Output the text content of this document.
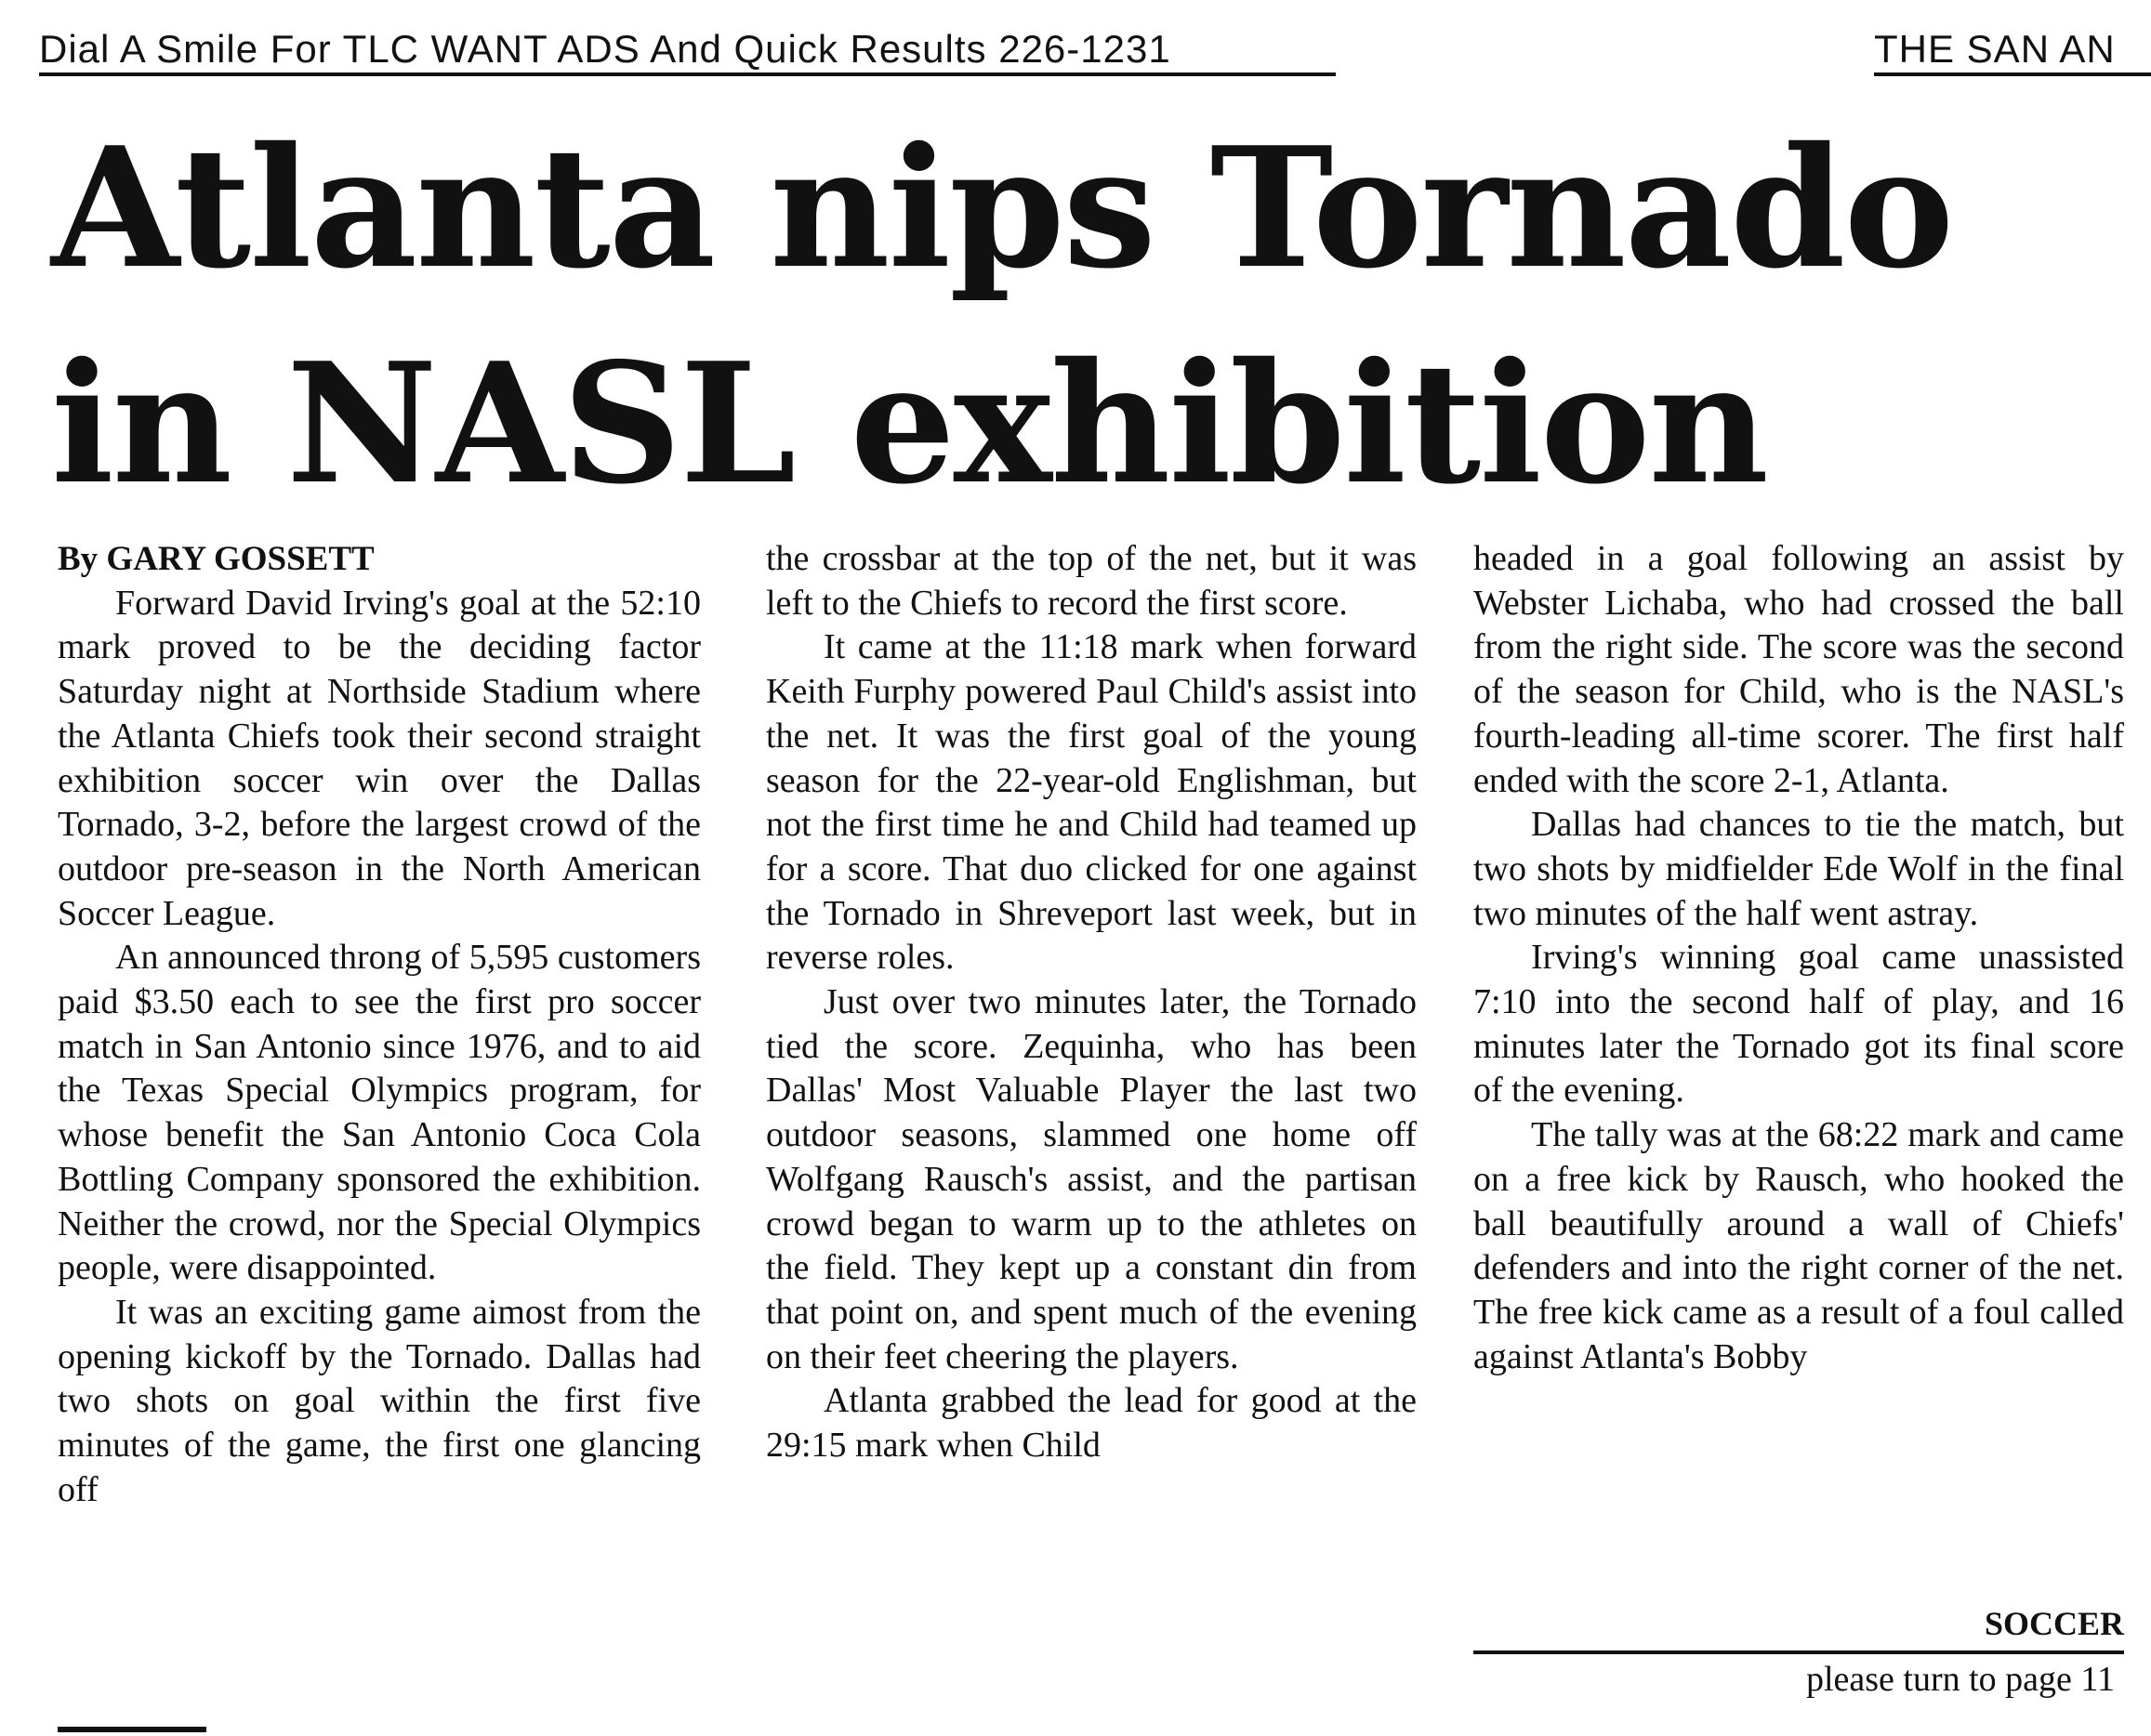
Dial A Smile For TLC WANT ADS And Quick Results 226-1231	THE SAN AN
Atlanta nips Tornado
in NASL exhibition
By GARY GOSSETT

Forward David Irving's goal at the 52:10 mark proved to be the deciding factor Saturday night at Northside Stadium where the Atlanta Chiefs took their second straight exhibition soccer win over the Dallas Tornado, 3-2, before the largest crowd of the outdoor pre-season in the North American Soccer League.

An announced throng of 5,595 customers paid $3.50 each to see the first pro soccer match in San Antonio since 1976, and to aid the Texas Special Olympics program, for whose benefit the San Antonio Coca Cola Bottling Company sponsored the exhibition. Neither the crowd, nor the Special Olympics people, were disappointed.

It was an exciting game aimost from the opening kickoff by the Tornado. Dallas had two shots on goal within the first five minutes of the game, the first one glancing off

the crossbar at the top of the net, but it was left to the Chiefs to record the first score.

It came at the 11:18 mark when forward Keith Furphy powered Paul Child's assist into the net. It was the first goal of the young season for the 22-year-old Englishman, but not the first time he and Child had teamed up for a score. That duo clicked for one against the Tornado in Shreveport last week, but in reverse roles.

Just over two minutes later, the Tornado tied the score. Zequinha, who has been Dallas' Most Valuable Player the last two outdoor seasons, slammed one home off Wolfgang Rausch's assist, and the partisan crowd began to warm up to the athletes on the field. They kept up a constant din from that point on, and spent much of the evening on their feet cheering the players.

Atlanta grabbed the lead for good at the 29:15 mark when Child

headed in a goal following an assist by Webster Lichaba, who had crossed the ball from the right side. The score was the second of the season for Child, who is the NASL's fourth-leading all-time scorer. The first half ended with the score 2-1, Atlanta.

Dallas had chances to tie the match, but two shots by midfielder Ede Wolf in the final two minutes of the half went astray.

Irving's winning goal came unassisted 7:10 into the second half of play, and 16 minutes later the Tornado got its final score of the evening.

The tally was at the 68:22 mark and came on a free kick by Rausch, who hooked the ball beautifully around a wall of Chiefs' defenders and into the right corner of the net. The free kick came as a result of a foul called against Atlanta's Bobby

SOCCER
please turn to page 11
